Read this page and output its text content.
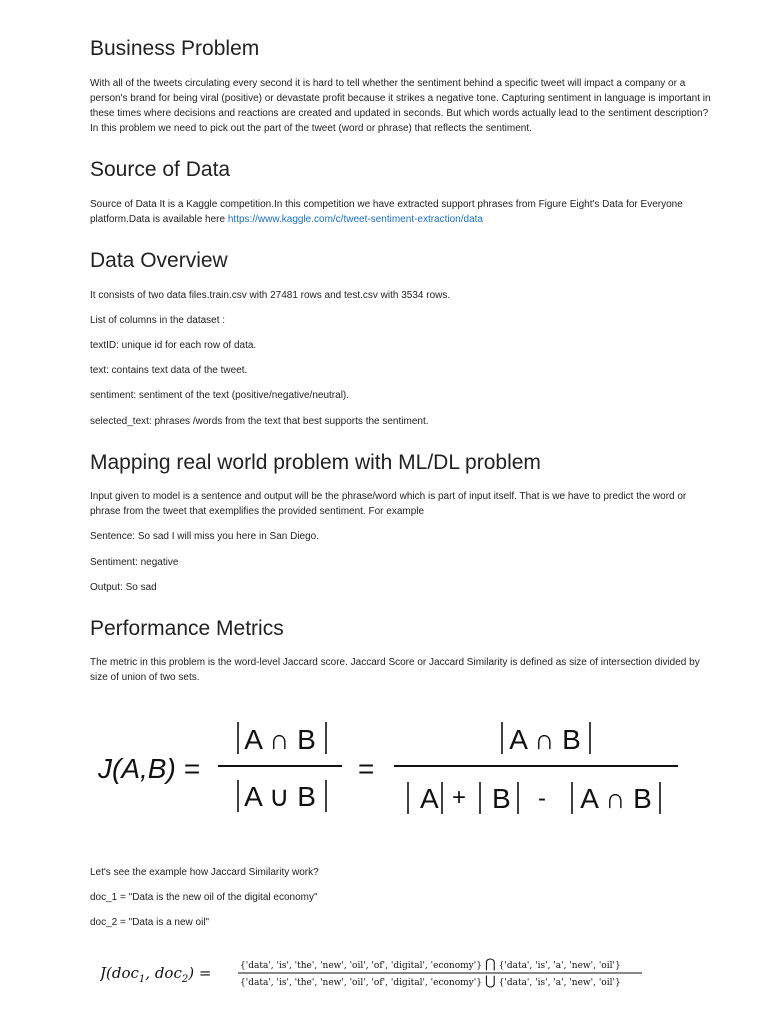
Business Problem

With all of the tweets circulating every second it is hard to tell whether the sentiment behind a specific tweet will impact a company or a person's brand for being viral (positive) or devastate profit because it strikes a negative tone. Capturing sentiment in language is important in these times where decisions and reactions are created and updated in seconds. But which words actually lead to the sentiment description? In this problem we need to pick out the part of the tweet (word or phrase) that reflects the sentiment.

Source of Data

Source of Data It is a Kaggle competition.In this competition we have extracted support phrases from Figure Eight's Data for Everyone platform.Data is available here https://www.kaggle.com/c/tweet-sentiment-extraction/data

Data Overview

It consists of two data files.train.csv with 27481 rows and test.csv with 3534 rows.

List of columns in the dataset :

textID: unique id for each row of data.

text: contains text data of the tweet.

sentiment: sentiment of the text (positive/negative/neutral).

selected_text: phrases /words from the text that best supports the sentiment.

Mapping real world problem with ML/DL problem

Input given to model is a sentence and output will be the phrase/word which is part of input itself. That is we have to predict the word or phrase from the tweet that exemplifies the provided sentiment. For example

Sentence: So sad I will miss you here in San Diego.

Sentiment: negative

Output: So sad

Performance Metrics

The metric in this problem is the word-level Jaccard score. Jaccard Score or Jaccard Similarity is defined as size of intersection divided by size of union of two sets.

J(A,B) =
A ∩ B
A ∪ B
=
A ∩ B
A + B - A ∩ B

Let's see the example how Jaccard Similarity work?

doc_1 = "Data is the new oil of the digital economy"

doc_2 = "Data is a new oil"

J(doc$_1$, doc$_2$) =	{'data', 'is', 'the', 'new', 'oil', 'of', 'digital', 'economy'} ⋂ {'data', 'is', 'a', 'new', 'oil'}
{'data', 'is', 'the', 'new', 'oil', 'of', 'digital', 'economy'} ⋃ {'data', 'is', 'a', 'new', 'oil'}
